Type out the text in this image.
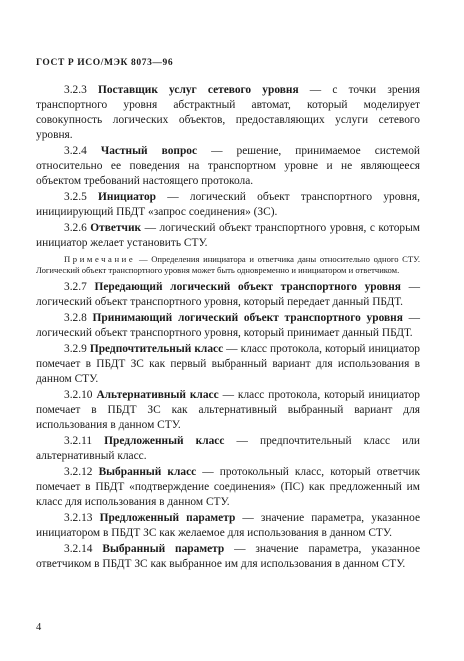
ГОСТ Р ИСО/МЭК 8073—96

3.2.3 Поставщик услуг сетевого уровня — с точки зрения транспортного уровня абстрактный автомат, который моделирует совокупность логических объектов, предоставляющих услуги сетевого уровня.

3.2.4 Частный вопрос — решение, принимаемое системой относительно ее поведения на транспортном уровне и не являющееся объектом требований настоящего протокола.

3.2.5 Инициатор — логический объект транспортного уровня, инициирующий ПБДТ «запрос соединения» (ЗС).

3.2.6 Ответчик — логический объект транспортного уровня, с которым инициатор желает установить СТУ.

Примечание — Определения инициатора и ответчика даны относительно одного СТУ. Логический объект транспортного уровня может быть одновременно и инициатором и ответчиком.

3.2.7 Передающий логический объект транспортного уровня — логический объект транспортного уровня, который передает данный ПБДТ.

3.2.8 Принимающий логический объект транспортного уровня — логический объект транспортного уровня, который принимает данный ПБДТ.

3.2.9 Предпочтительный класс — класс протокола, который инициатор помечает в ПБДТ ЗС как первый выбранный вариант для использования в данном СТУ.

3.2.10 Альтернативный класс — класс протокола, который инициатор помечает в ПБДТ ЗС как альтернативный выбранный вариант для использования в данном СТУ.

3.2.11 Предложенный класс — предпочтительный класс или альтернативный класс.

3.2.12 Выбранный класс — протокольный класс, который ответчик помечает в ПБДТ «подтверждение соединения» (ПС) как предложенный им класс для использования в данном СТУ.

3.2.13 Предложенный параметр — значение параметра, указанное инициатором в ПБДТ ЗС как желаемое для использования в данном СТУ.

3.2.14 Выбранный параметр — значение параметра, указанное ответчиком в ПБДТ ЗС как выбранное им для использования в данном СТУ.

4
